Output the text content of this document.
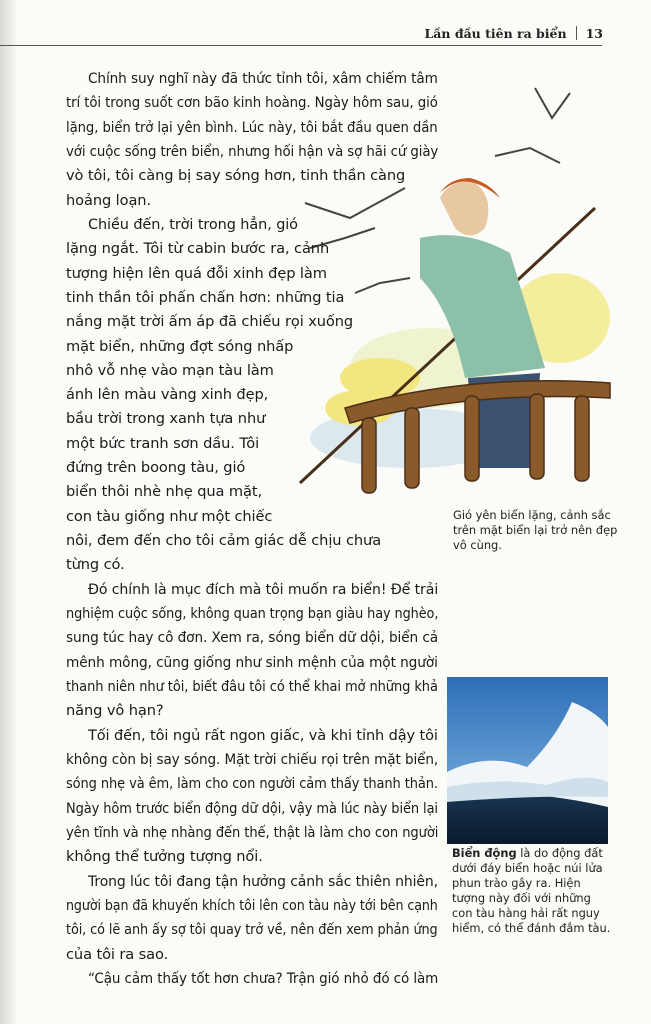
Lần đầu tiên ra biển 13
Chính suy nghĩ này đã thức tỉnh tôi, xâm chiếm tâm
trí tôi trong suốt cơn bão kinh hoàng. Ngày hôm sau, gió
lặng, biển trở lại yên bình. Lúc này, tôi bắt đầu quen dần
với cuộc sống trên biển, nhưng hối hận và sợ hãi cứ giày
vò tôi, tôi càng bị say sóng hơn, tinh thần càng
hoảng loạn.
Chiều đến, trời trong hẳn, gió
lặng ngắt. Tôi từ cabin bước ra, cảnh
tượng hiện lên quá đỗi xinh đẹp làm
tinh thần tôi phấn chấn hơn: những tia
nắng mặt trời ấm áp đã chiếu rọi xuống
mặt biển, những đợt sóng nhấp
nhô vỗ nhẹ vào mạn tàu làm
ánh lên màu vàng xinh đẹp,
bầu trời trong xanh tựa như
một bức tranh sơn dầu. Tôi
đứng trên boong tàu, gió
biển thôi nhè nhẹ qua mặt,
con tàu giống như một chiếc
nôi, đem đến cho tôi cảm giác dễ chịu chưa
từng có.
Đó chính là mục đích mà tôi muốn ra biển! Để trải
nghiệm cuộc sống, không quan trọng bạn giàu hay nghèo,
sung túc hay cô đơn. Xem ra, sóng biển dữ dội, biển cả
mênh mông, cũng giống như sinh mệnh của một người
thanh niên như tôi, biết đâu tôi có thể khai mở những khả
năng vô hạn?
Tối đến, tôi ngủ rất ngon giấc, và khi tỉnh dậy tôi
không còn bị say sóng. Mặt trời chiếu rọi trên mặt biển,
sóng nhẹ và êm, làm cho con người cảm thấy thanh thản.
Ngày hôm trước biển động dữ dội, vậy mà lúc này biển lại
yên tĩnh và nhẹ nhàng đến thế, thật là làm cho con người
không thể tưởng tượng nổi.
Trong lúc tôi đang tận hưởng cảnh sắc thiên nhiên,
người bạn đã khuyến khích tôi lên con tàu này tới bên cạnh
tôi, có lẽ anh ấy sợ tôi quay trở về, nên đến xem phản ứng
của tôi ra sao.
“Cậu cảm thấy tốt hơn chưa? Trận gió nhỏ đó có làm
Gió yên biển lặng, cảnh sắc trên mặt biển lại trở nên đẹp vô cùng.
Biển động là do động đất dưới đáy biển hoặc núi lửa phun trào gây ra. Hiện tượng này đối với những con tàu hàng hải rất nguy hiểm, có thể đánh đắm tàu.
